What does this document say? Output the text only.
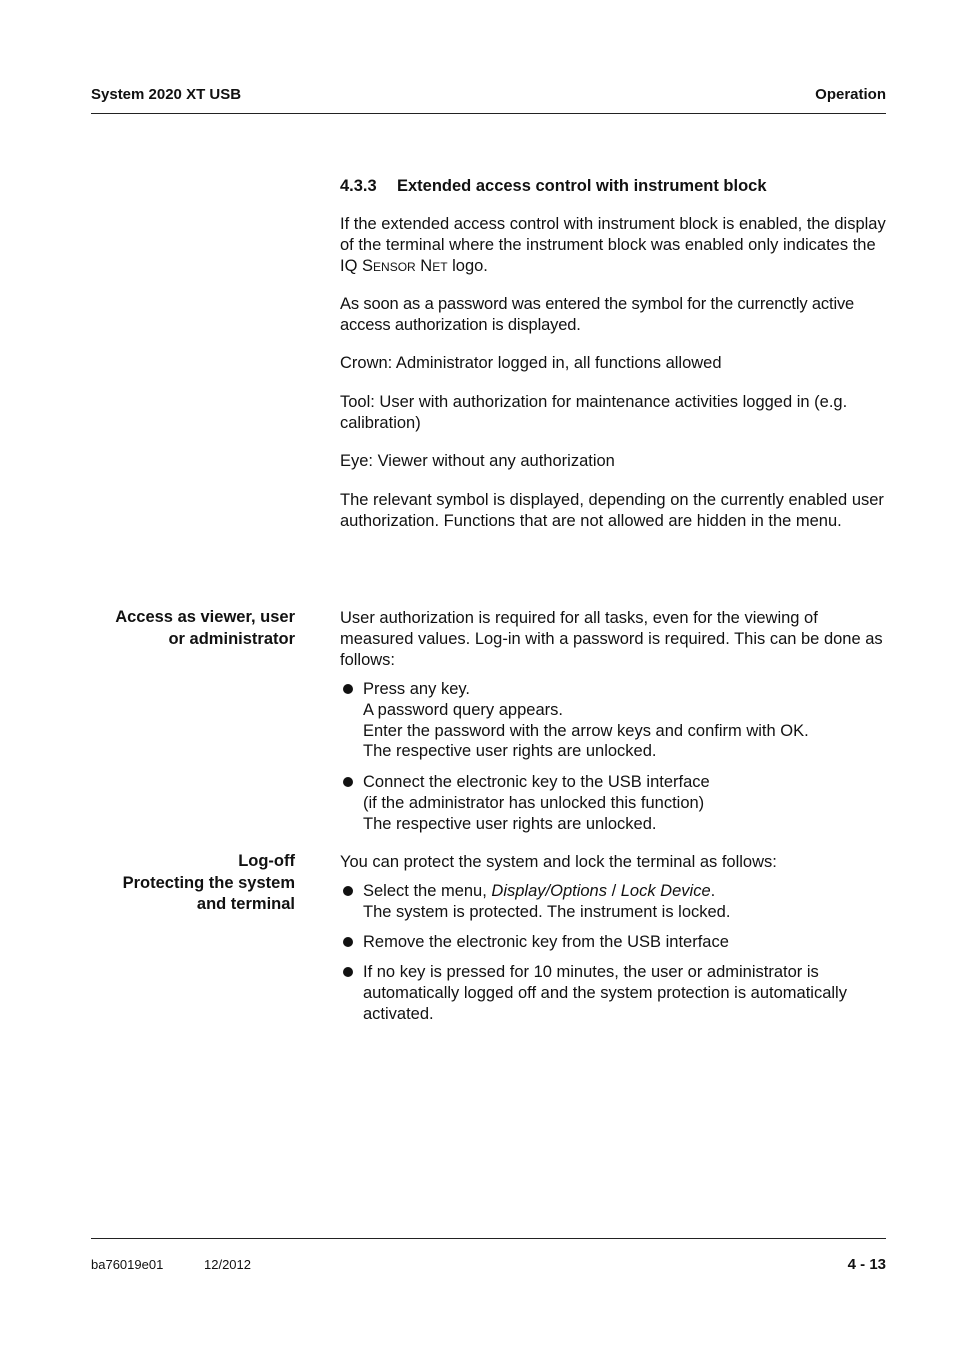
System 2020 XT USB	Operation
4.3.3 Extended access control with instrument block
If the extended access control with instrument block is enabled, the display of the terminal where the instrument block was enabled only indicates the IQ Sensor Net logo.
As soon as a password was entered the symbol for the currenctly active access authorization is displayed.
Crown: Administrator logged in, all functions allowed
Tool: User with authorization for maintenance activities logged in (e.g. calibration)
Eye: Viewer without any authorization
The relevant symbol is displayed, depending on the currently enabled user authorization. Functions that are not allowed are hidden in the menu.
Access as viewer, user
or administrator
User authorization is required for all tasks, even for the viewing of measured values. Log-in with a password is required. This can be done as follows:
Press any key.
A password query appears.
Enter the password with the arrow keys and confirm with OK.
The respective user rights are unlocked.
Connect the electronic key to the USB interface
(if the administrator has unlocked this function)
The respective user rights are unlocked.
Log-off
Protecting the system
and terminal
You can protect the system and lock the terminal as follows:
Select the menu, Display/Options / Lock Device.
The system is protected. The instrument is locked.
Remove the electronic key from the USB interface
If no key is pressed for 10 minutes, the user or administrator is automatically logged off and the system protection is automatically activated.
ba76019e01	12/2012	4 - 13
